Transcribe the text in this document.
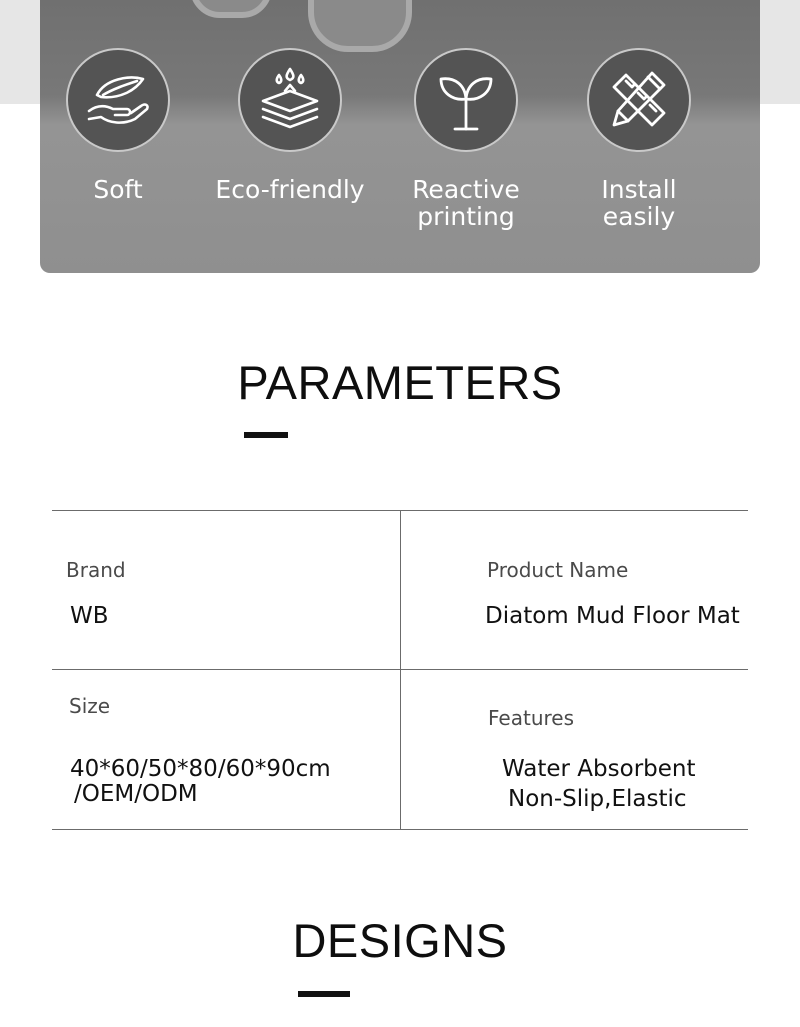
Soft	Eco-friendly	Reactive printing
Install easily
PARAMETERS
Brand
WB
Product Name
Diatom Mud Floor Mat
Size
40*60/50*80/60*90cm
/OEM/ODM
Features
Water Absorbent
Non-Slip,Elastic
DESIGNS
